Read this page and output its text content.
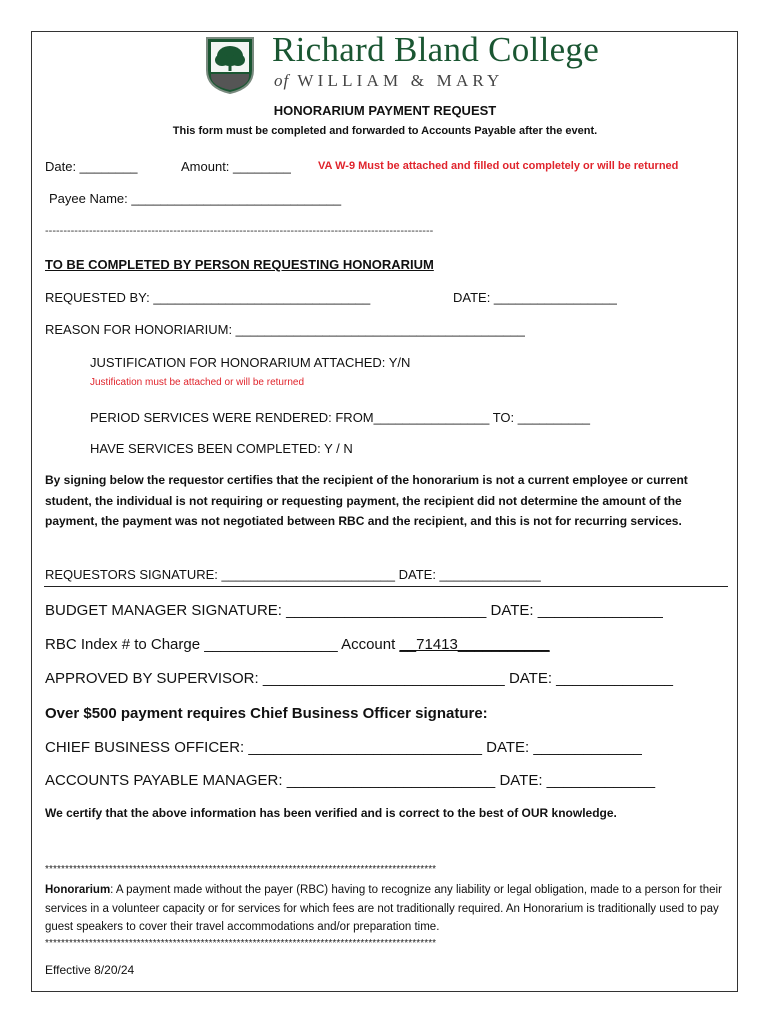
Richard Bland College
of WILLIAM & MARY
HONORARIUM PAYMENT REQUEST
This form must be completed and forwarded to Accounts Payable after the event.
Date: ________	Amount: ________ VA W-9 Must be attached and filled out completely or will be returned
Payee Name: _____________________________
----------------------------------------------------------------------------------------------------------
TO BE COMPLETED BY PERSON REQUESTING HONORARIUM
REQUESTED BY: ______________________________	DATE: _________________
REASON FOR HONORIARIUM: ________________________________________
JUSTIFICATION FOR HONORARIUM ATTACHED: Y/N
Justification must be attached or will be returned
PERIOD SERVICES WERE RENDERED: FROM________________ TO: __________
HAVE SERVICES BEEN COMPLETED: Y / N
By signing below the requestor certifies that the recipient of the honorarium is not a current employee or current student, the individual is not requiring or requesting payment, the recipient did not determine the amount of the payment, the payment was not negotiated between RBC and the recipient, and this is not for recurring services.
REQUESTORS SIGNATURE: ________________________ DATE: ______________
BUDGET MANAGER SIGNATURE: ________________________ DATE: _______________
RBC Index # to Charge ________________ Account __71413___________
APPROVED BY SUPERVISOR: _____________________________ DATE: ______________
Over $500 payment requires Chief Business Officer signature:
CHIEF BUSINESS OFFICER: ____________________________ DATE: _____________
ACCOUNTS PAYABLE MANAGER: _________________________ DATE: _____________
We certify that the above information has been verified and is correct to the best of OUR knowledge.
**************************************************************************************************
Honorarium: A payment made without the payer (RBC) having to recognize any liability or legal obligation, made to a person for their services in a volunteer capacity or for services for which fees are not traditionally required. An Honorarium is traditionally used to pay guest speakers to cover their travel accommodations and/or preparation time.
**************************************************************************************************
Effective 8/20/24
